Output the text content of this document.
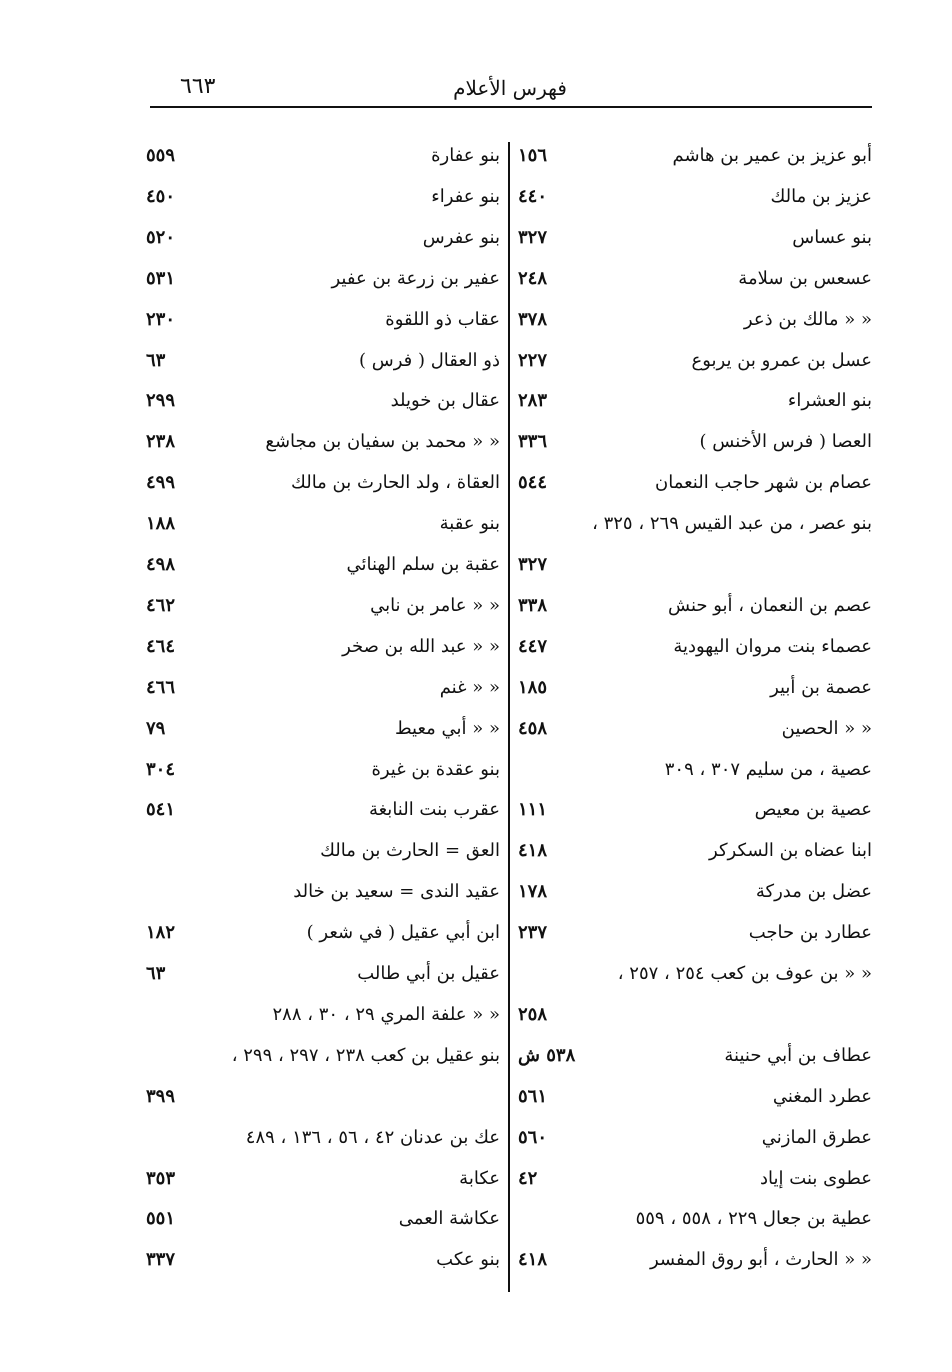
٦٦٣	فهرس الأعلام
أبو عزيز بن عمير بن هاشم
١٥٦
عزيز بن مالك
٤٤٠
بنو عساس
٣٢٧
عسعس بن سلامة
٢٤٨
« « مالك بن ذعر
٣٧٨
عسل بن عمرو بن يربوع
٢٢٧
بنو العشراء
٢٨٣
العصا ( فرس الأخنس )
٣٣٦
عصام بن شهر حاجب النعمان
٥٤٤
بنو عصر ، من عبد القيس ٢٦٩ ، ٣٢٥ ،
٣٢٧
عصم بن النعمان ، أبو حنش
٣٣٨
عصماء بنت مروان اليهودية
٤٤٧
عصمة بن أبير
١٨٥
« « الحصين
٤٥٨
عصية ، من سليم ٣٠٧ ، ٣٠٩
عصية بن معيص
١١١
ابنا عضاه بن السكركر
٤١٨
عضل بن مدركة
١٧٨
عطارد بن حاجب
٢٣٧
« « بن عوف بن كعب ٢٥٤ ، ٢٥٧ ،
٢٥٨
عطاف بن أبي حنينة
٥٣٨ ش
عطرد المغني
٥٦١
عطرق المازني
٥٦٠
عطوى بنت إياد
٤٢
عطية بن جعال ٢٢٩ ، ٥٥٨ ، ٥٥٩
« « الحارث ، أبو روق المفسر
٤١٨
بنو عفارة
٥٥٩
بنو عفراء
٤٥٠
بنو عفرس
٥٢٠
عفير بن زرعة بن عفير
٥٣١
عقاب ذو اللقوة
٢٣٠
ذو العقال ( فرس )
٦٣
عقال بن خويلد
٢٩٩
« « محمد بن سفيان بن مجاشع
٢٣٨
العقاة ، ولد الحارث بن مالك
٤٩٩
بنو عقبة
١٨٨
عقبة بن سلم الهنائي
٤٩٨
« « عامر بن نابي
٤٦٢
« « عبد الله بن صخر
٤٦٤
« « غنم
٤٦٦
« « أبي معيط
٧٩
بنو عقدة بن غيرة
٣٠٤
عقرب بنت النابغة
٥٤١
العق = الحارث بن مالك
عقيد الندى = سعيد بن خالد
ابن أبي عقيل ( في شعر )
١٨٢
عقيل بن أبي طالب
٦٣
« « علفة المري ٢٩ ، ٣٠ ، ٢٨٨
بنو عقيل بن كعب ٢٣٨ ، ٢٩٧ ، ٢٩٩ ،
٣٩٩
عك بن عدنان ٤٢ ، ٥٦ ، ١٣٦ ، ٤٨٩
عكابة
٣٥٣
عكاشة العمى
٥٥١
بنو عكب
٣٣٧
